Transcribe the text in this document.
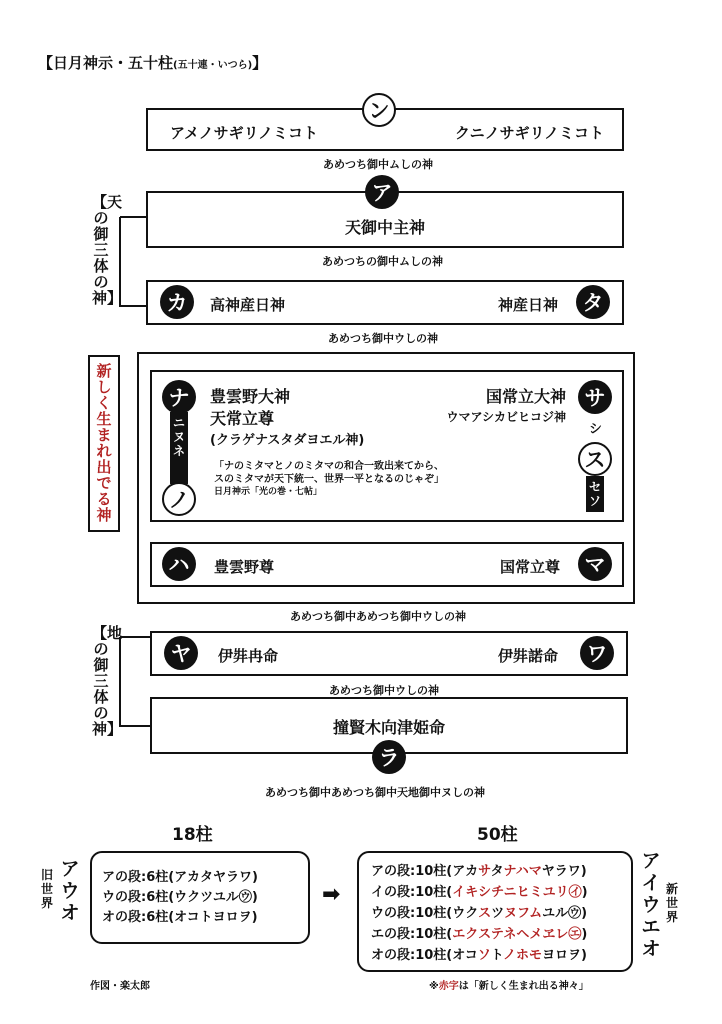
【日月神示・五十柱(五十連・いつら)】
アメノサギリノミコト	クニノサギリノミコト
ン
あめつち御中ムしの神
【天の御三体の神】
天御中主神
ア
あめつちの御中ムしの神
カ	高神産日神	神産日神	タ
あめつち御中ウしの神
新しく生まれ出でる神
ナ
ニヌネ
ノ
豊雲野大神
天常立尊
(クラゲナスタダヨエル神)
国常立大神
ウマアシカビヒコジ神
サ
シ
ス
セソ
「ナのミタマとノのミタマの和合一致出来てから、
スのミタマが天下統一、世界一平となるのじゃぞ」
日月神示「光の巻・七帖」
ハ	豊雲野尊	国常立尊	マ
あめつち御中あめつち御中ウしの神
【地の御三体の神】
ヤ	伊弉冉命	伊弉諾命	ワ
あめつち御中ウしの神
撞賢木向津姫命
ラ
あめつち御中あめつち御中天地御中ヌしの神
18柱	50柱
アウオ
旧世界
アの段:6柱(アカタヤラワ)
ウの段:6柱(ウクツユル㋒)
オの段:6柱(オコトヨロヲ)
➡
アの段:10柱(アカサタナハマヤラワ)
イの段:10柱(イキシチニヒミユリ㋑)
ウの段:10柱(ウクスツヌフムユル㋒)
エの段:10柱(エクステネヘメヱレ㋓)
オの段:10柱(オコソトノホモヨロヲ)
アイウエオ
新世界
作図・楽太郎	※赤字は「新しく生まれ出る神々」
